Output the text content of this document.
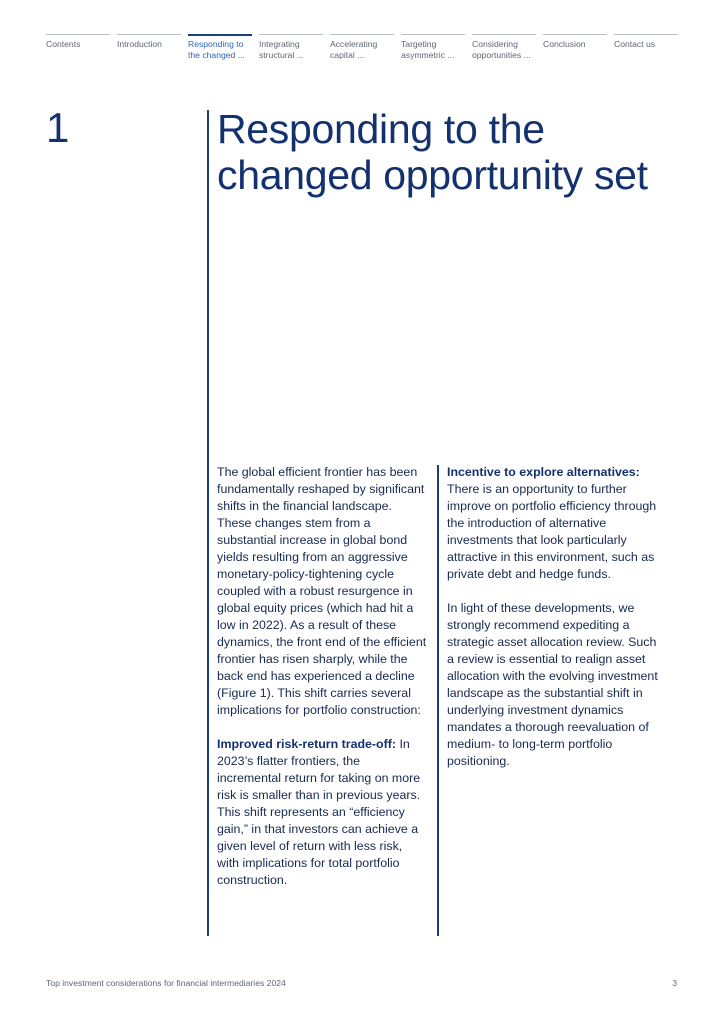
Contents	Introduction	Responding to
the changed ...
Integrating
structural ...
Accelerating
capital ...
Targeting
asymmetric ...
Considering
opportunities ...
Conclusion	Contact us
1	Responding to the changed opportunity set

The global efficient frontier has been fundamentally reshaped by significant shifts in the financial landscape. These changes stem from a substantial increase in global bond yields resulting from an aggressive monetary-policy-tightening cycle coupled with a robust resurgence in global equity prices (which had hit a low in 2022). As a result of these dynamics, the front end of the efficient frontier has risen sharply, while the back end has experienced a decline (Figure 1). This shift carries several implications for portfolio construction:

Improved risk-return trade-off: In 2023’s flatter frontiers, the incremental return for taking on more risk is smaller than in previous years. This shift represents an “efficiency gain,” in that investors can achieve a given level of return with less risk, with implications for total portfolio construction.

Incentive to explore alternatives: There is an opportunity to further improve on portfolio efficiency through the introduction of alternative investments that look particularly attractive in this environment, such as private debt and hedge funds.

In light of these developments, we strongly recommend expediting a strategic asset allocation review. Such a review is essential to realign asset allocation with the evolving investment landscape as the substantial shift in underlying investment dynamics mandates a thorough reevaluation of medium- to long-term portfolio positioning.

Top investment considerations for financial intermediaries 2024	3
